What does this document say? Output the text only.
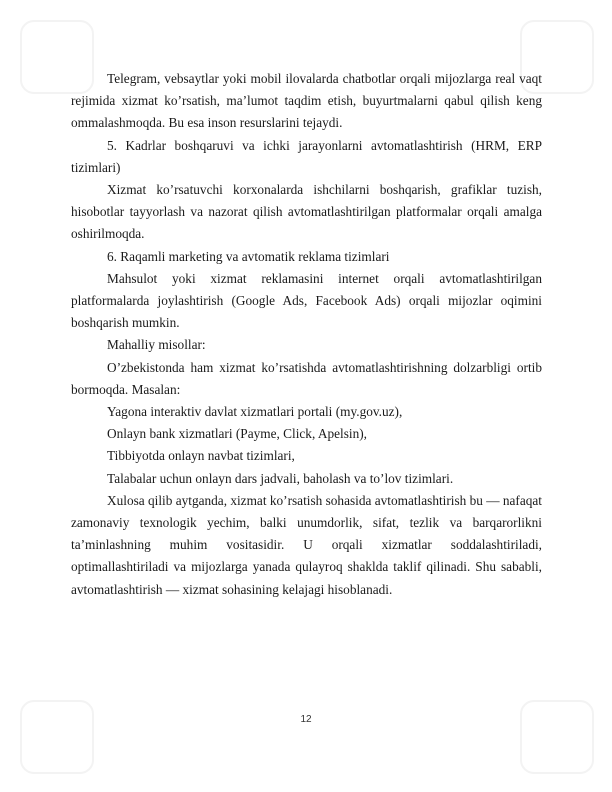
Telegram, vebsaytlar yoki mobil ilovalarda chatbotlar orqali mijozlarga real vaqt rejimida xizmat ko’rsatish, ma’lumot taqdim etish, buyurtmalarni qabul qilish keng ommalashmoqda. Bu esa inson resurslarini tejaydi.

5. Kadrlar boshqaruvi va ichki jarayonlarni avtomatlashtirish (HRM, ERP tizimlari)

Xizmat ko’rsatuvchi korxonalarda ishchilarni boshqarish, grafiklar tuzish, hisobotlar tayyorlash va nazorat qilish avtomatlashtirilgan platformalar orqali amalga oshirilmoqda.

6. Raqamli marketing va avtomatik reklama tizimlari

Mahsulot yoki xizmat reklamasini internet orqali avtomatlashtirilgan platformalarda joylashtirish (Google Ads, Facebook Ads) orqali mijozlar oqimini boshqarish mumkin.

Mahalliy misollar:

O’zbekistonda ham xizmat ko’rsatishda avtomatlashtirishning dolzarbligi ortib bormoqda. Masalan:

Yagona interaktiv davlat xizmatlari portali (my.gov.uz),

Onlayn bank xizmatlari (Payme, Click, Apelsin),

Tibbiyotda onlayn navbat tizimlari,

Talabalar uchun onlayn dars jadvali, baholash va to’lov tizimlari.

Xulosa qilib aytganda, xizmat ko’rsatish sohasida avtomatlashtirish bu — nafaqat zamonaviy texnologik yechim, balki unumdorlik, sifat, tezlik va barqarorlikni ta’minlashning muhim vositasidir. U orqali xizmatlar soddalashtiriladi, optimallashtiriladi va mijozlarga yanada qulayroq shaklda taklif qilinadi. Shu sababli, avtomatlashtirish — xizmat sohasining kelajagi hisoblanadi.

12
